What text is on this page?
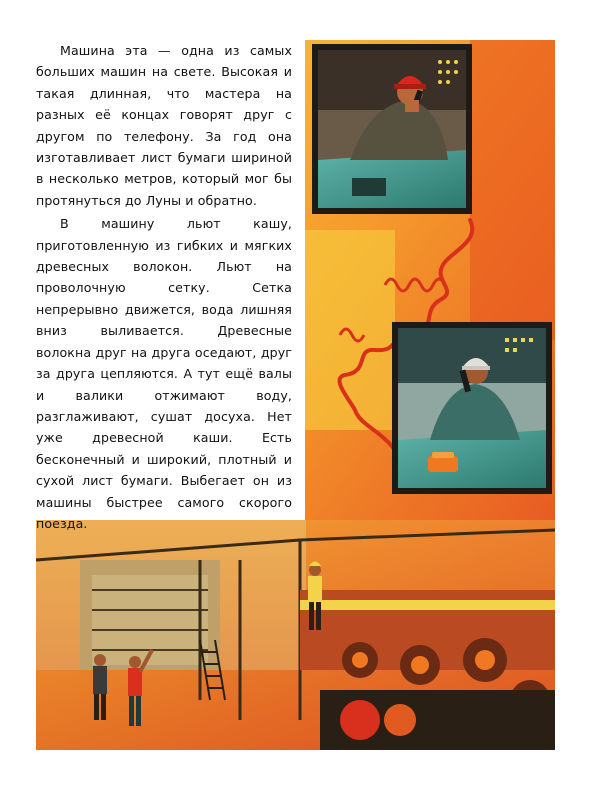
Машина эта — одна из самых больших машин на свете. Высокая и такая длинная, что мастера на разных её концах говорят друг с другом по телефону. За год она изготавливает лист бумаги шириной в несколько метров, который мог бы протянуться до Луны и обратно.

В машину льют кашу, приготовленную из гибких и мягких древесных волокон. Льют на проволочную сетку. Сетка непрерывно движется, вода лишняя вниз выливается. Древесные волокна друг на друга оседают, друг за друга цепляются. А тут ещё валы и валики отжимают воду, разглаживают, сушат досуха. Нет уже древесной каши. Есть бесконечный и широкий, плотный и сухой лист бумаги. Выбегает он из машины быстрее самого скорого поезда.
